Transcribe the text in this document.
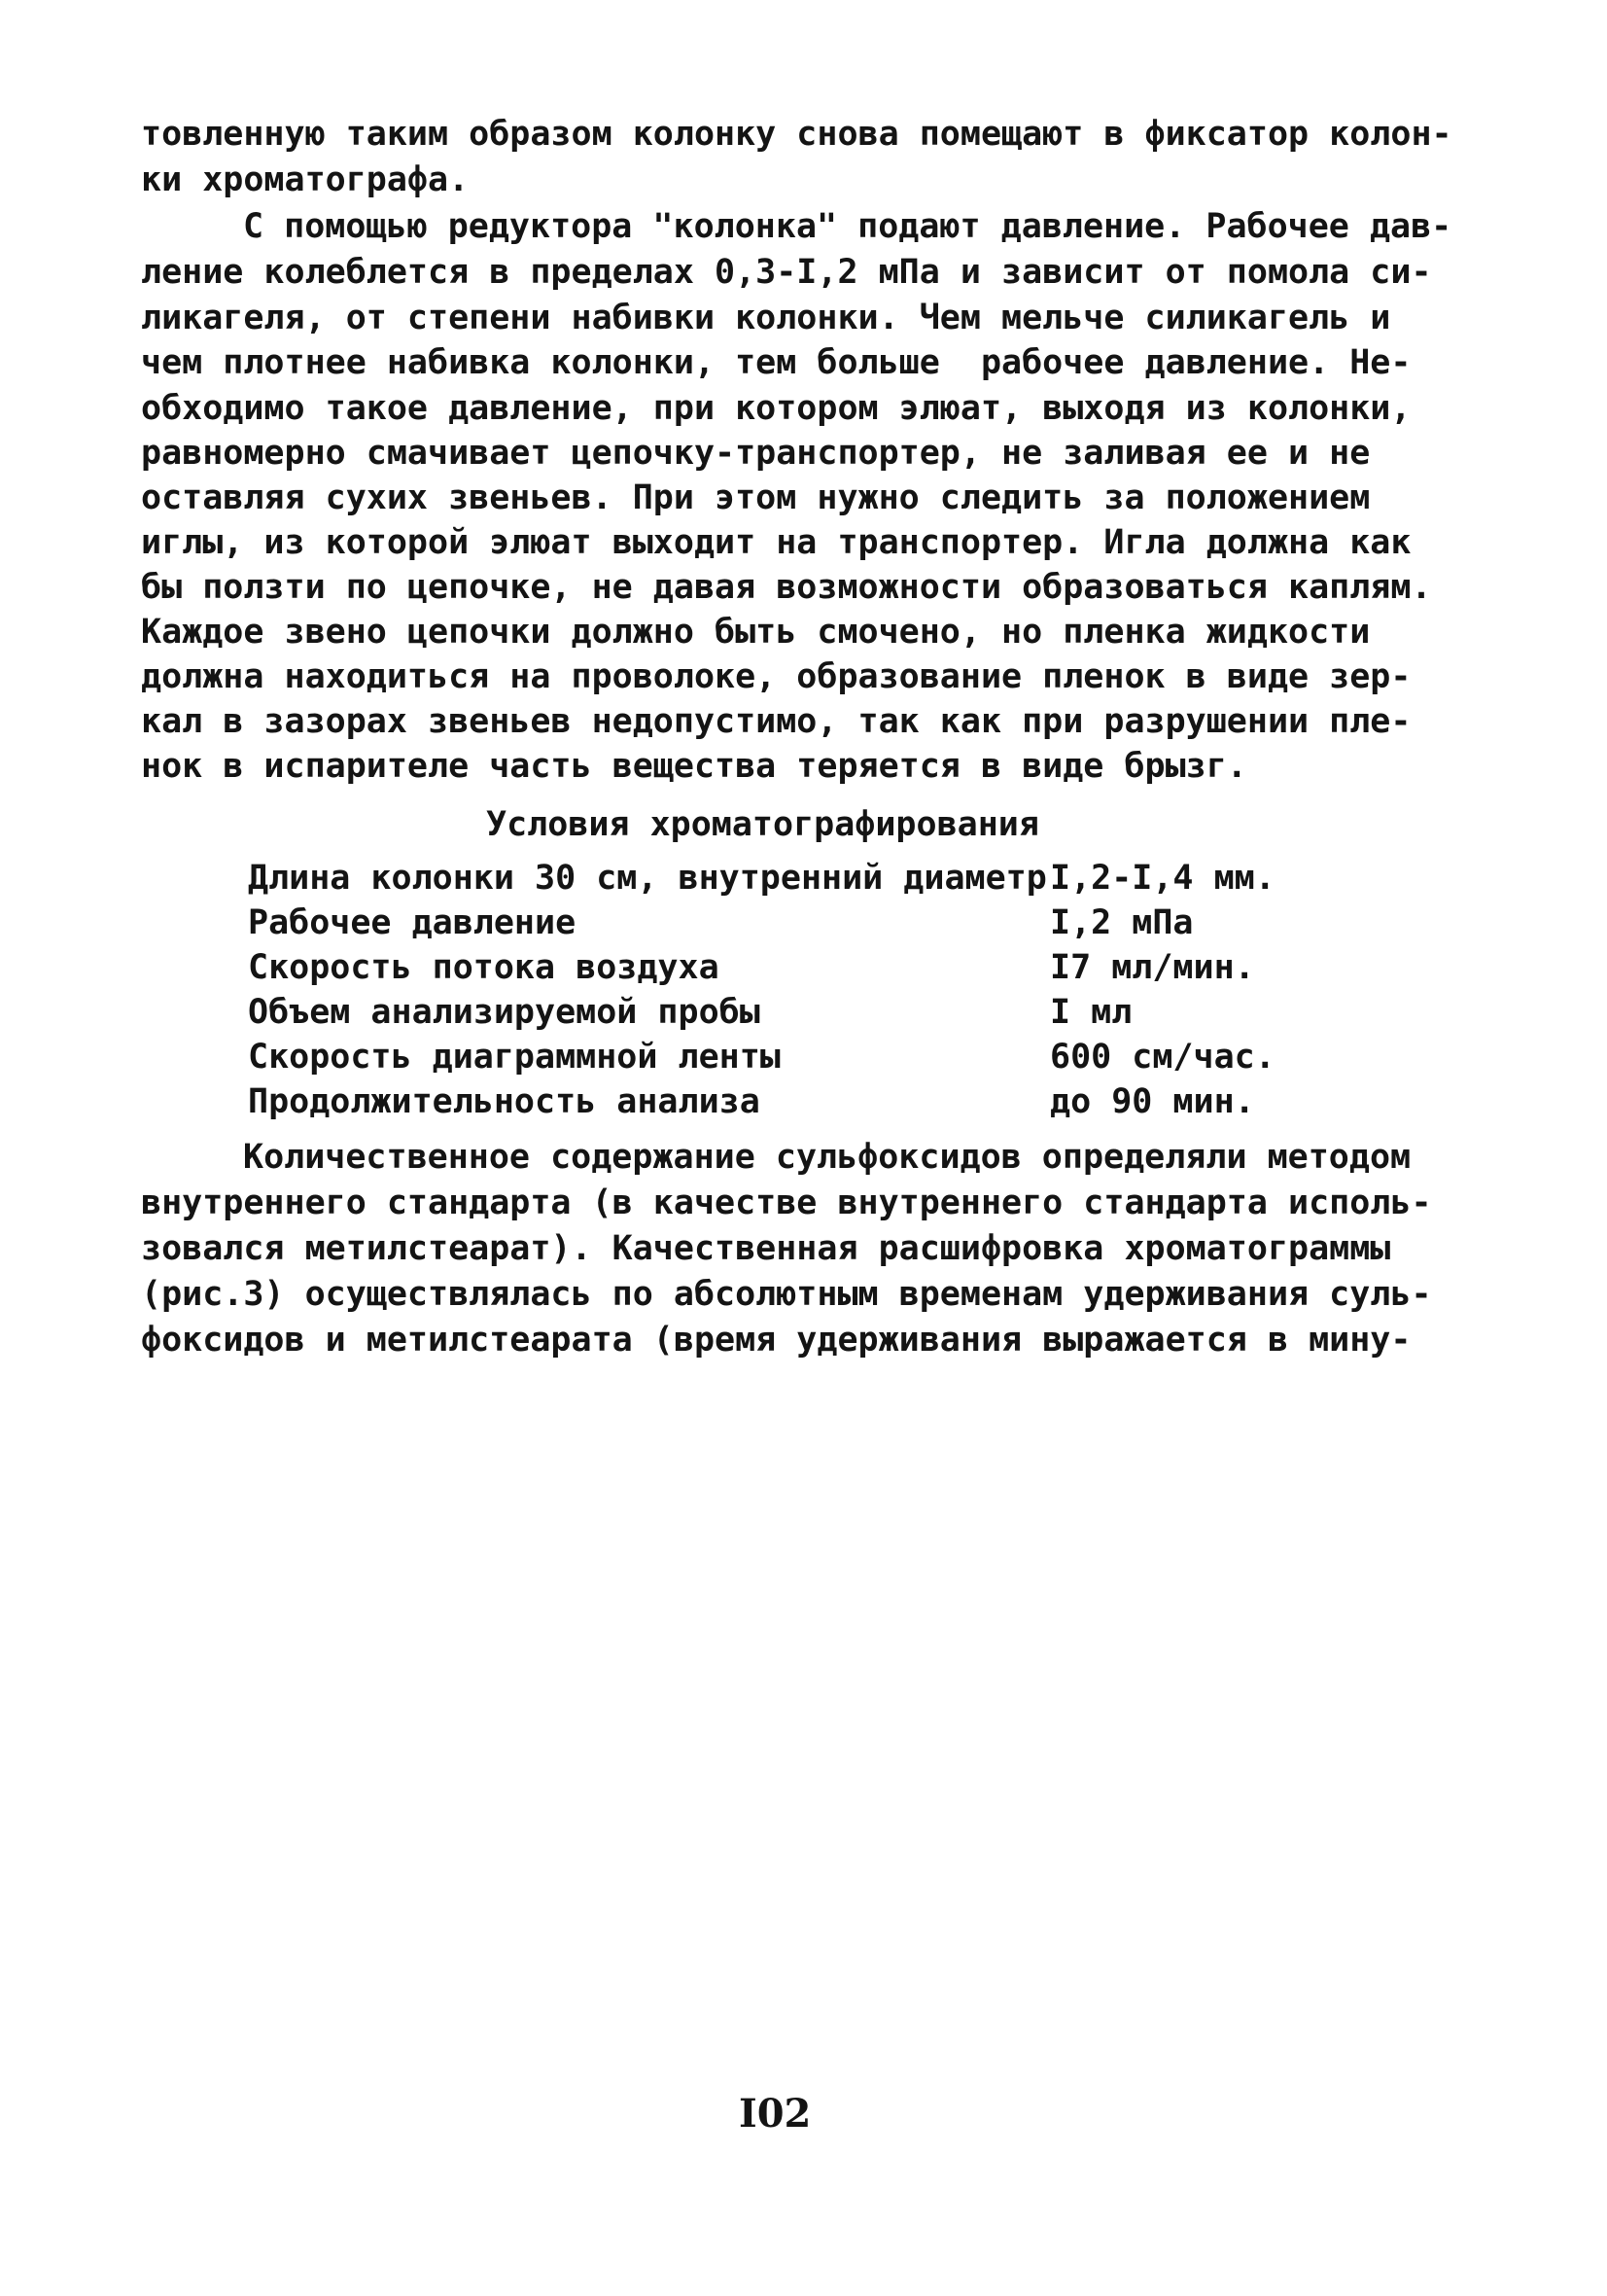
товленную таким образом колонку снова помещают в фиксатор колон-
ки хроматографа.
С помощью редуктора "колонка" подают давление. Рабочее дав-
ление колеблется в пределах 0,3-I,2 мПа и зависит от помола си-
ликагеля, от степени набивки колонки. Чем мельче силикагель и
чем плотнее набивка колонки, тем больше  рабочее давление. Не-
обходимо такое давление, при котором элюат, выходя из колонки,
равномерно смачивает цепочку-транспортер, не заливая ее и не
оставляя сухих звеньев. При этом нужно следить за положением
иглы, из которой элюат выходит на транспортер. Игла должна как
бы ползти по цепочке, не давая возможности образоваться каплям.
Каждое звено цепочки должно быть смочено, но пленка жидкости
должна находиться на проволоке, образование пленок в виде зер-
кал в зазорах звеньев недопустимо, так как при разрушении пле-
нок в испарителе часть вещества теряется в виде брызг.
Условия хроматографирования
Длина колонки 30 см, внутренний диаметр I,2-I,4 мм.
Рабочее давление	I,2 мПа
Скорость потока воздуха	I7 мл/мин.
Объем анализируемой пробы	I мл
Скорость диаграммной ленты	600 см/час.
Продолжительность анализа	до 90 мин.
Количественное содержание сульфоксидов определяли методом
внутреннего стандарта (в качестве внутреннего стандарта исполь-
зовался метилстеарат). Качественная расшифровка хроматограммы
(рис.3) осуществлялась по абсолютным временам удерживания суль-
фоксидов и метилстеарата (время удерживания выражается в мину-
I02
